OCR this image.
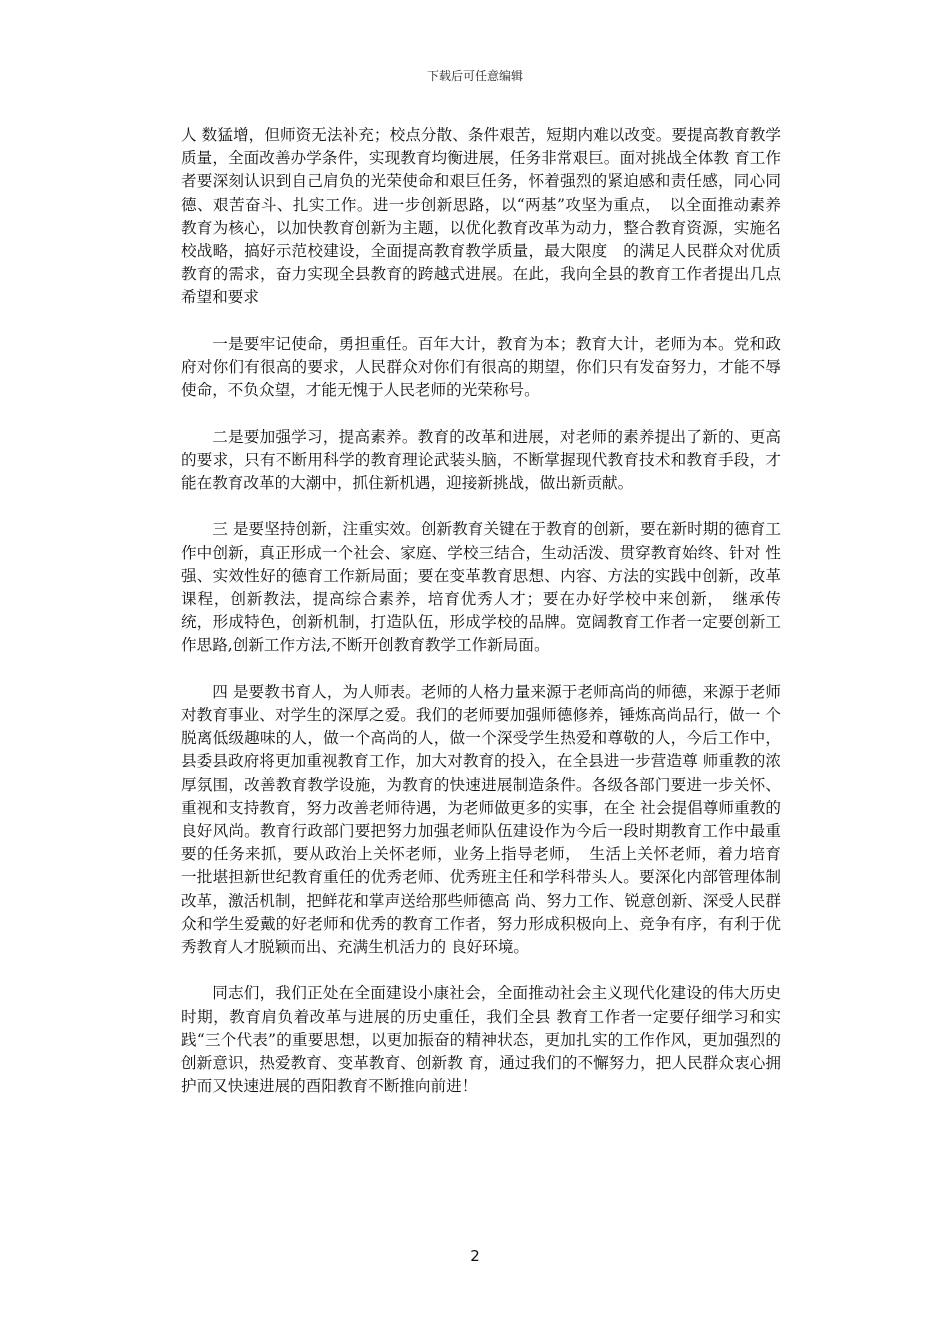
下载后可任意编辑

人 数猛增，但师资无法补充；校点分散、条件艰苦，短期内难以改变。要提高教育教学质量，全面改善办学条件，实现教育均衡进展，任务非常艰巨。面对挑战全体教 育工作者要深刻认识到自己肩负的光荣使命和艰巨任务，怀着强烈的紧迫感和责任感，同心同德、艰苦奋斗、扎实工作。进一步创新思路，以“两基”攻坚为重点，　以全面推动素养教育为核心，以加快教育创新为主题，以优化教育改革为动力，整合教育资源，实施名校战略，搞好示范校建设，全面提高教育教学质量，最大限度　的满足人民群众对优质教育的需求，奋力实现全县教育的跨越式进展。在此，我向全县的教育工作者提出几点希望和要求

一是要牢记使命，勇担重任。百年大计，教育为本；教育大计，老师为本。党和政府对你们有很高的要求，人民群众对你们有很高的期望，你们只有发奋努力，才能不辱使命，不负众望，才能无愧于人民老师的光荣称号。

二是要加强学习，提高素养。教育的改革和进展，对老师的素养提出了新的、更高的要求，只有不断用科学的教育理论武装头脑，不断掌握现代教育技术和教育手段，才能在教育改革的大潮中，抓住新机遇，迎接新挑战，做出新贡献。

三 是要坚持创新，注重实效。创新教育关键在于教育的创新，要在新时期的德育工作中创新，真正形成一个社会、家庭、学校三结合，生动活泼、贯穿教育始终、针对 性强、实效性好的德育工作新局面；要在变革教育思想、内容、方法的实践中创新，改革课程，创新教法，提高综合素养，培育优秀人才；要在办好学校中来创新，　继承传统，形成特色，创新机制，打造队伍，形成学校的品牌。宽阔教育工作者一定要创新工作思路,创新工作方法,不断开创教育教学工作新局面。

四 是要教书育人，为人师表。老师的人格力量来源于老师高尚的师德，来源于老师对教育事业、对学生的深厚之爱。我们的老师要加强师德修养，锤炼高尚品行，做一 个脱离低级趣味的人，做一个高尚的人，做一个深受学生热爱和尊敬的人，今后工作中，县委县政府将更加重视教育工作，加大对教育的投入，在全县进一步营造尊 师重教的浓厚氛围，改善教育教学设施，为教育的快速进展制造条件。各级各部门要进一步关怀、重视和支持教育，努力改善老师待遇，为老师做更多的实事，在全 社会提倡尊师重教的良好风尚。教育行政部门要把努力加强老师队伍建设作为今后一段时期教育工作中最重要的任务来抓，要从政治上关怀老师，业务上指导老师，　生活上关怀老师，着力培育一批堪担新世纪教育重任的优秀老师、优秀班主任和学科带头人。要深化内部管理体制改革，激活机制，把鲜花和掌声送给那些师德高 尚、努力工作、锐意创新、深受人民群众和学生爱戴的好老师和优秀的教育工作者，努力形成积极向上、竞争有序，有利于优秀教育人才脱颖而出、充满生机活力的 良好环境。

同志们，我们正处在全面建设小康社会，全面推动社会主义现代化建设的伟大历史时期，教育肩负着改革与进展的历史重任，我们全县 教育工作者一定要仔细学习和实践“三个代表”的重要思想，以更加振奋的精神状态，更加扎实的工作作风，更加强烈的创新意识，热爱教育、变革教育、创新教 育，通过我们的不懈努力，把人民群众衷心拥护而又快速进展的酉阳教育不断推向前进！

2
